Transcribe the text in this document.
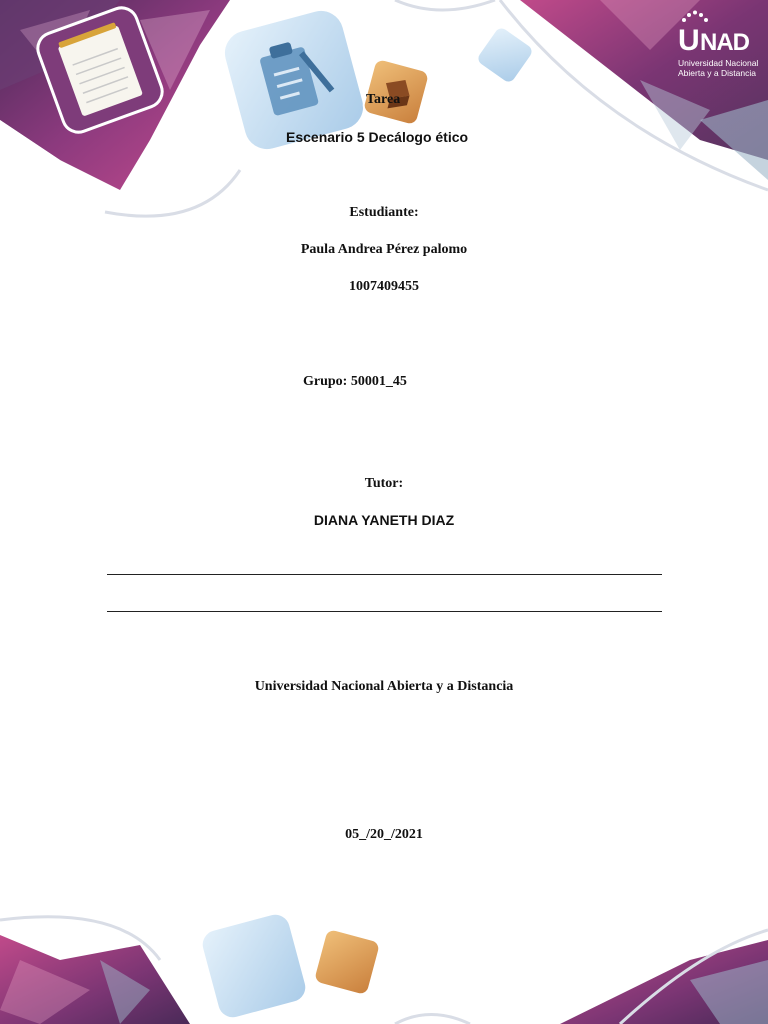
U NAD
Universidad Nacional
Abierta y a Distancia

Tarea

Escenario 5 Decálogo ético

Estudiante:

Paula Andrea Pérez palomo

1007409455

Grupo: 50001_45

Tutor:

DIANA YANETH DIAZ

Universidad Nacional Abierta y a Distancia

05_/20_/2021
